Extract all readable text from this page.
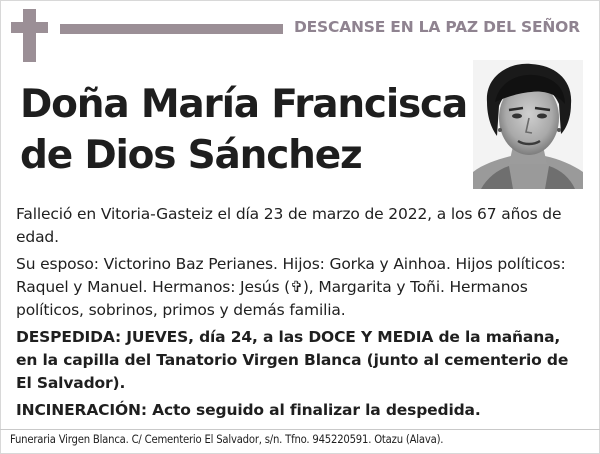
DESCANSE EN LA PAZ DEL SEÑOR
Doña María Francisca
de Dios Sánchez

Falleció en Vitoria-Gasteiz el día 23 de marzo de 2022, a los 67 años de edad.

Su esposo: Victorino Baz Perianes. Hijos: Gorka y Ainhoa. Hijos políticos: Raquel y Manuel. Hermanos: Jesús (✞), Margarita y Toñi. Hermanos políticos, sobrinos, primos y demás familia.

DESPEDIDA: JUEVES, día 24, a las DOCE Y MEDIA de la mañana, en la capilla del Tanatorio Virgen Blanca (junto al cementerio de El Salvador).

INCINERACIÓN: Acto seguido al finalizar la despedida.

Funeraria Virgen Blanca. C/ Cementerio El Salvador, s/n. Tfno. 945220591. Otazu (Alava).
